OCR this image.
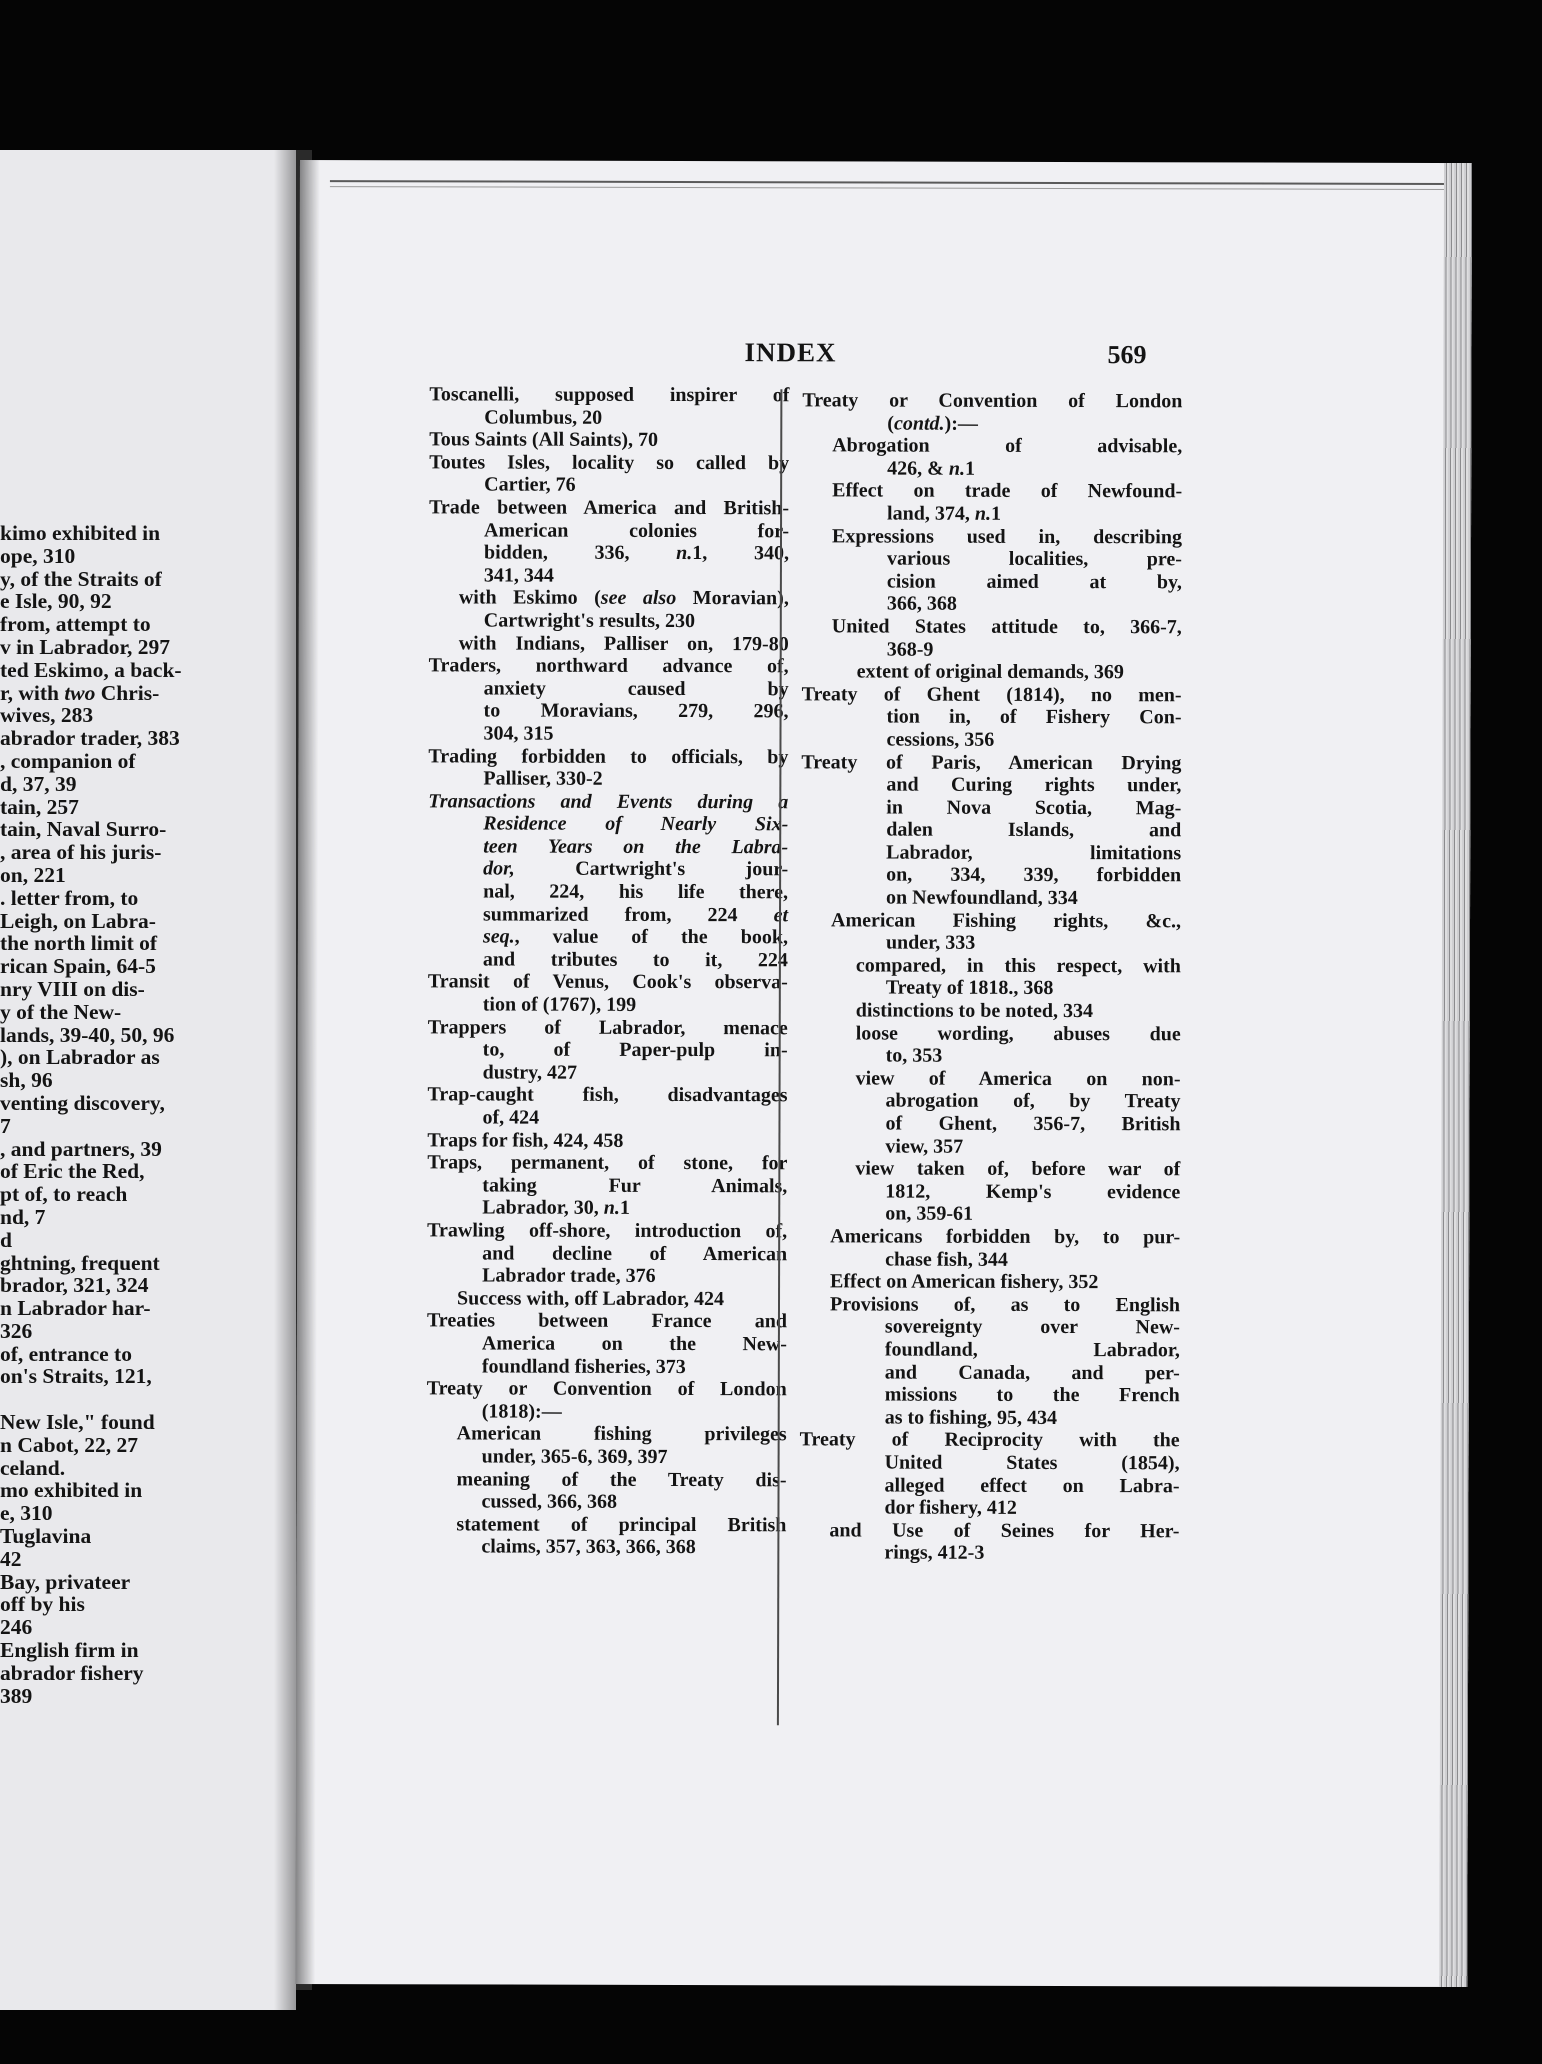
kimo exhibited in
ope, 310
y, of the Straits of
e Isle, 90, 92
from, attempt to
v in Labrador, 297
ted Eskimo, a back-
r, with two Chris-
wives, 283
abrador trader, 383
, companion of
d, 37, 39
tain, 257
tain, Naval Surro-
, area of his juris-
on, 221
. letter from, to
Leigh, on Labra-
the north limit of
rican Spain, 64-5
nry VIII on dis-
y of the New-
lands, 39-40, 50, 96
), on Labrador as
sh, 96
venting discovery,
7
, and partners, 39
of Eric the Red,
pt of, to reach
nd, 7
d
ghtning, frequent
brador, 321, 324
n Labrador har-
326
of, entrance to
on's Straits, 121,
New Isle," found
n Cabot, 22, 27
celand.
mo exhibited in
e, 310
Tuglavina
42
Bay, privateer
off by his
246
English firm in
abrador fishery
389
INDEX	569
Toscanelli, supposed inspirer of
Columbus, 20
Tous Saints (All Saints), 70
Toutes Isles, locality so called by
Cartier, 76
Trade between America and British-
American colonies for-
bidden, 336, n.1, 340,
341, 344
with Eskimo (see also Moravian),
Cartwright's results, 230
with Indians, Palliser on, 179-80
Traders, northward advance of,
anxiety caused by
to Moravians, 279, 296,
304, 315
Trading forbidden to officials, by
Palliser, 330-2
Transactions and Events during a
Residence of Nearly Six-
teen Years on the Labra-
dor, Cartwright's jour-
nal, 224, his life there,
summarized from, 224 et
seq., value of the book,
and tributes to it, 224
Transit of Venus, Cook's observa-
tion of (1767), 199
Trappers of Labrador, menace
to, of Paper-pulp in-
dustry, 427
Trap-caught fish, disadvantages
of, 424
Traps for fish, 424, 458
Traps, permanent, of stone, for
taking Fur Animals,
Labrador, 30, n.1
Trawling off-shore, introduction of,
and decline of American
Labrador trade, 376
Success with, off Labrador, 424
Treaties between France and
America on the New-
foundland fisheries, 373
Treaty or Convention of London
(1818):—
American fishing privileges
under, 365-6, 369, 397
meaning of the Treaty dis-
cussed, 366, 368
statement of principal British
claims, 357, 363, 366, 368
Treaty or Convention of London
(contd.):—
Abrogation of advisable,
426, & n.1
Effect on trade of Newfound-
land, 374, n.1
Expressions used in, describing
various localities, pre-
cision aimed at by,
366, 368
United States attitude to, 366-7,
368-9
extent of original demands, 369
Treaty of Ghent (1814), no men-
tion in, of Fishery Con-
cessions, 356
Treaty of Paris, American Drying
and Curing rights under,
in Nova Scotia, Mag-
dalen Islands, and
Labrador, limitations
on, 334, 339, forbidden
on Newfoundland, 334
American Fishing rights, &c.,
under, 333
compared, in this respect, with
Treaty of 1818., 368
distinctions to be noted, 334
loose wording, abuses due
to, 353
view of America on non-
abrogation of, by Treaty
of Ghent, 356-7, British
view, 357
view taken of, before war of
1812, Kemp's evidence
on, 359-61
Americans forbidden by, to pur-
chase fish, 344
Effect on American fishery, 352
Provisions of, as to English
sovereignty over New-
foundland, Labrador,
and Canada, and per-
missions to the French
as to fishing, 95, 434
Treaty of Reciprocity with the
United States (1854),
alleged effect on Labra-
dor fishery, 412
and Use of Seines for Her-
rings, 412-3
